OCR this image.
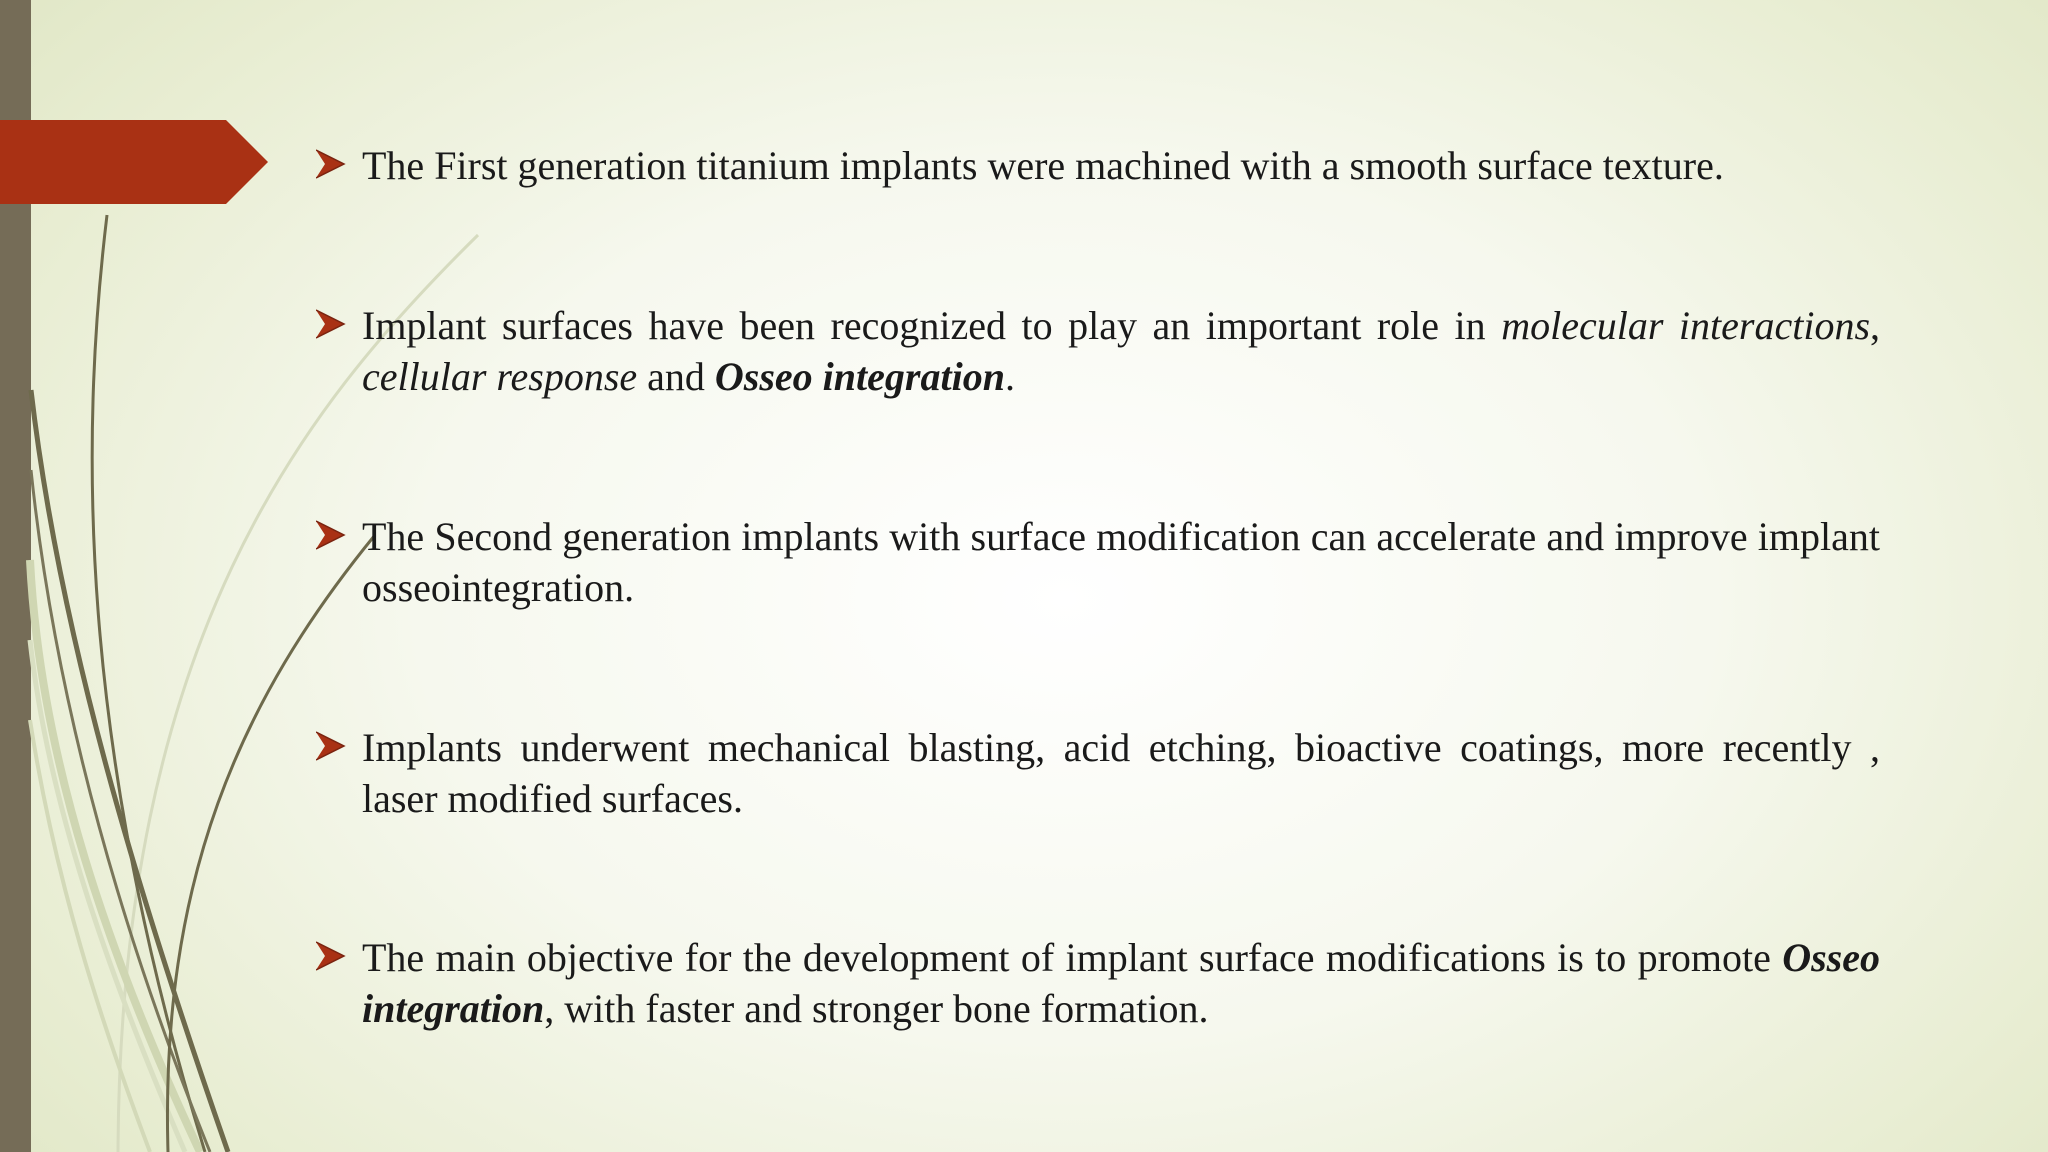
The First generation titanium implants were machined with a smooth surface texture.
Implant surfaces have been recognized to play an important role in molecular interactions, cellular response and Osseo integration.
The Second generation implants with surface modification can accelerate and improve implant osseointegration.
Implants underwent mechanical blasting, acid etching, bioactive coatings, more recently , laser modified surfaces.
The main objective for the development of implant surface modifications is to promote Osseo integration, with faster and stronger bone formation.
